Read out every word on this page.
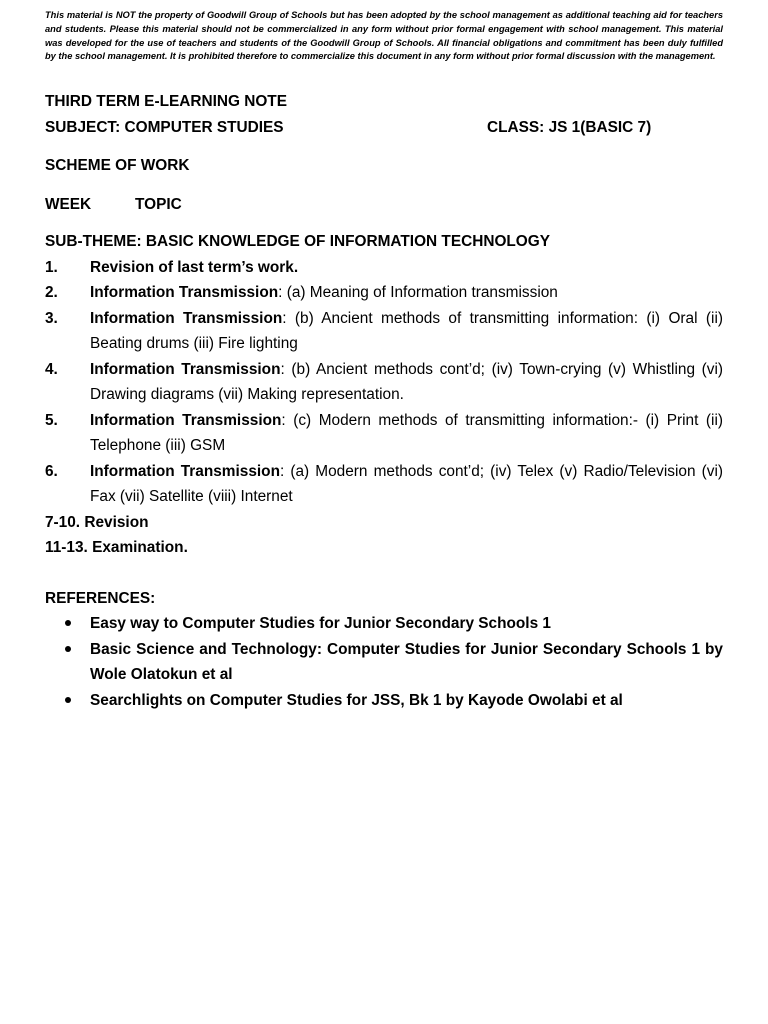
This material is NOT the property of Goodwill Group of Schools but has been adopted by the school management as additional teaching aid for teachers and students. Please this material should not be commercialized in any form without prior formal engagement with school management. This material was developed for the use of teachers and students of the Goodwill Group of Schools. All financial obligations and commitment has been duly fulfilled by the school management. It is prohibited therefore to commercialize this document in any form without prior formal discussion with the management.

THIRD TERM E-LEARNING NOTE

SUBJECT: COMPUTER STUDIES	CLASS: JS 1(BASIC 7)

SCHEME OF WORK

WEEK	TOPIC

SUB-THEME: BASIC KNOWLEDGE OF INFORMATION TECHNOLOGY

1.	Revision of last term’s work.
2.	Information Transmission: (a) Meaning of Information transmission
3.	Information Transmission: (b) Ancient methods of transmitting information: (i) Oral (ii) Beating drums (iii) Fire lighting
4.	Information Transmission: (b) Ancient methods cont’d; (iv) Town-crying (v) Whistling (vi) Drawing diagrams (vii) Making representation.
5.	Information Transmission: (c) Modern methods of transmitting information:- (i) Print (ii) Telephone (iii) GSM
6.	Information Transmission: (a) Modern methods cont’d; (iv) Telex (v) Radio/Television (vi) Fax (vii) Satellite (viii) Internet

7-10. Revision

11-13. Examination.

REFERENCES:

Easy way to Computer Studies for Junior Secondary Schools 1
Basic Science and Technology: Computer Studies for Junior Secondary Schools 1 by Wole Olatokun et al
Searchlights on Computer Studies for JSS, Bk 1 by Kayode Owolabi et al
